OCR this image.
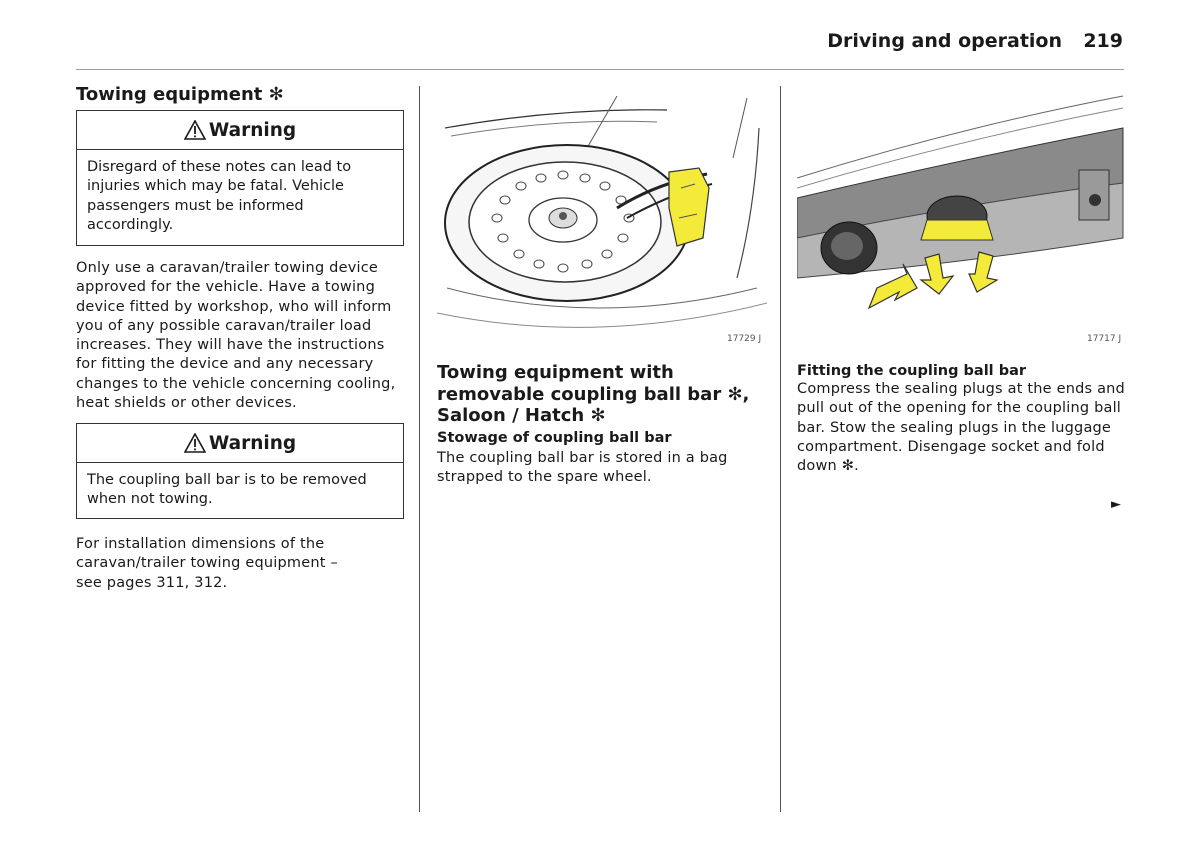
Driving and operation 219
Towing equipment ✻
Warning
Disregard of these notes can lead to injuries which may be fatal. Vehicle passengers must be informed accordingly.
Only use a caravan/trailer towing device approved for the vehicle. Have a towing device fitted by workshop, who will inform you of any possible caravan/trailer load increases. They will have the instructions for fitting the device and any necessary changes to the vehicle concerning cooling, heat shields or other devices.
Warning
The coupling ball bar is to be removed when not towing.
For installation dimensions of the caravan/trailer towing equipment – see pages 311, 312.
17729 J
Towing equipment with
removable coupling ball bar ✻,
Saloon / Hatch ✻
Stowage of coupling ball bar
The coupling ball bar is stored in a bag strapped to the spare wheel.
17717 J
Fitting the coupling ball bar
Compress the sealing plugs at the ends and pull out of the opening for the coupling ball bar. Stow the sealing plugs in the luggage compartment. Disengage socket and fold down ✻.
►
